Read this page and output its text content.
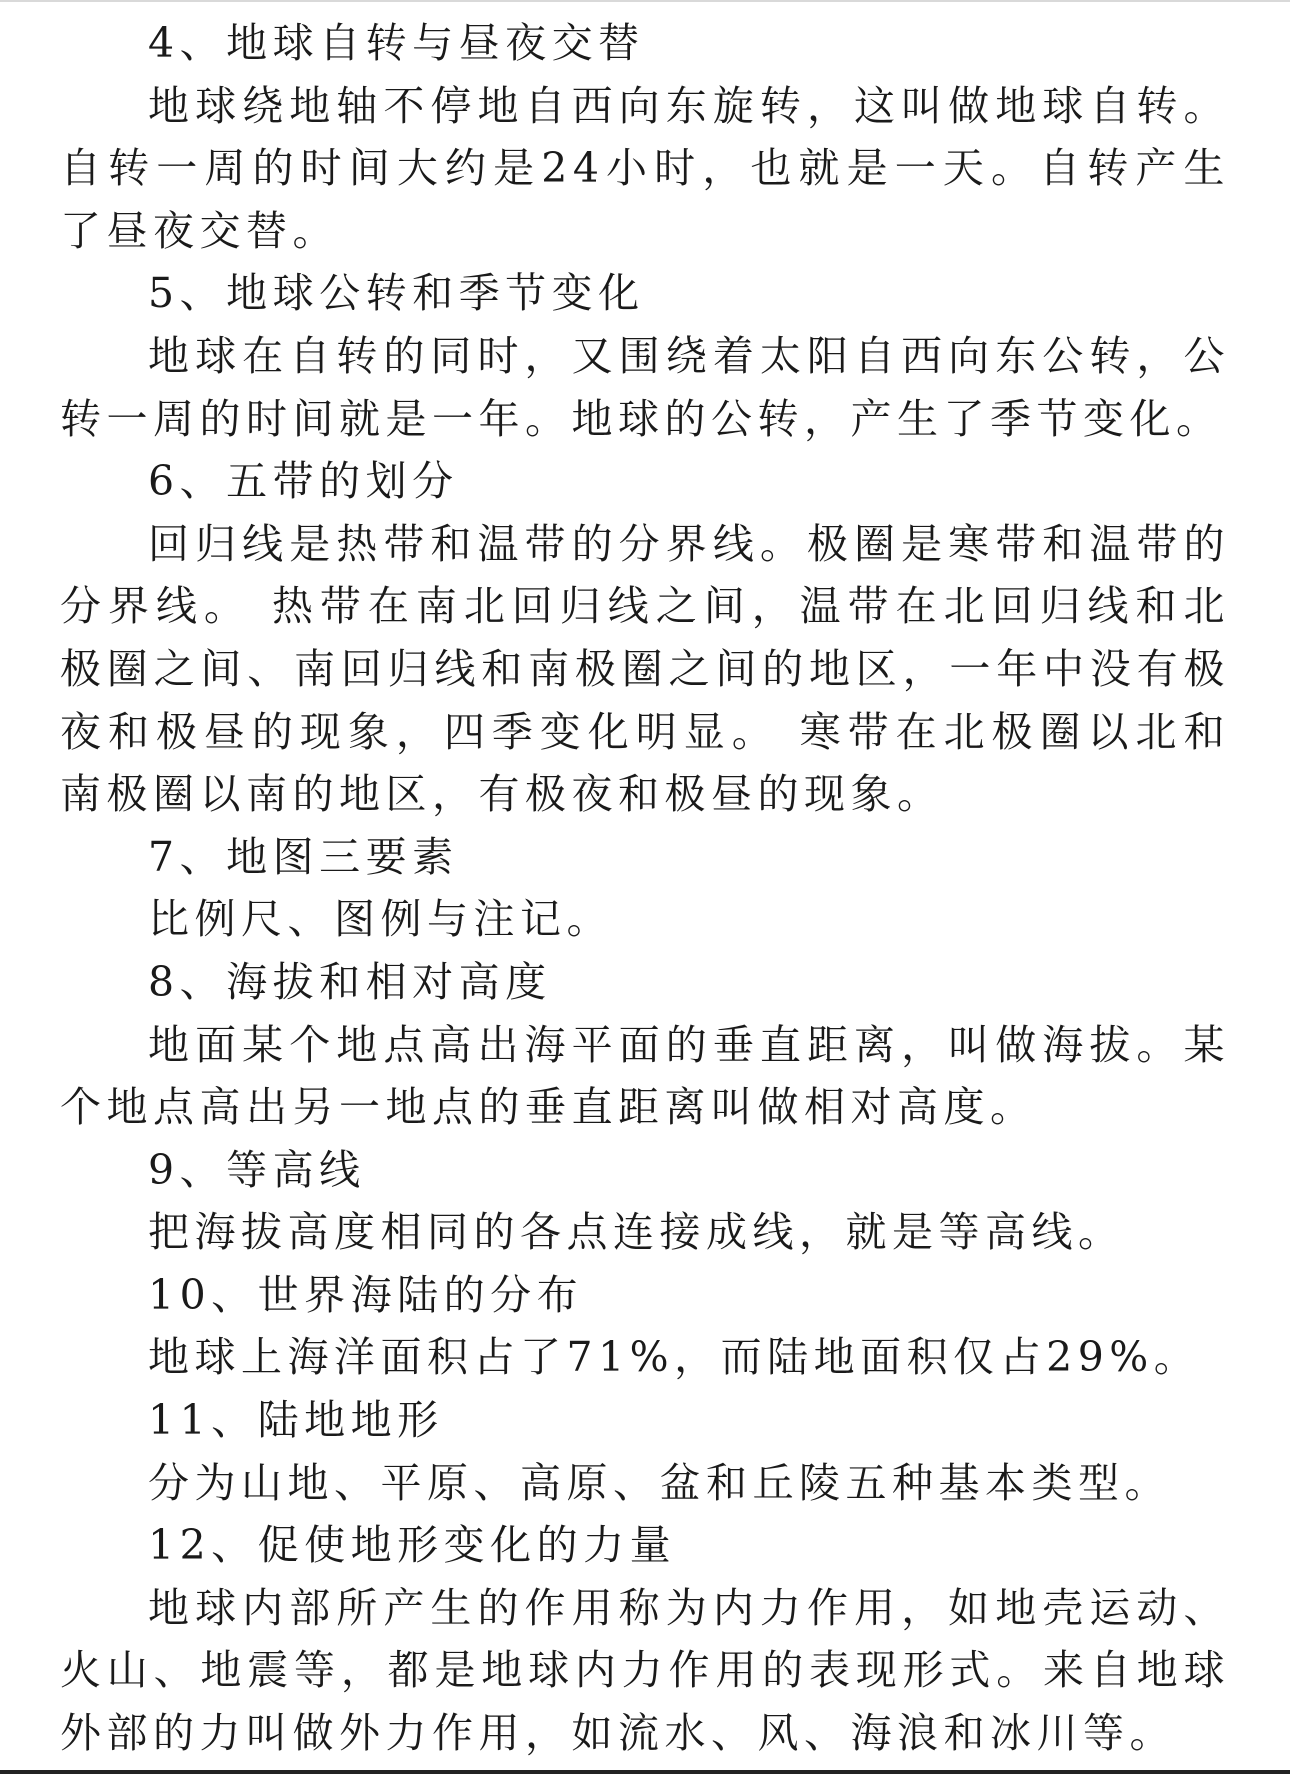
4、地球自转与昼夜交替

地球绕地轴不停地自西向东旋转，这叫做地球自转。自转一周的时间大约是24小时，也就是一天。自转产生了昼夜交替。

5、地球公转和季节变化

地球在自转的同时，又围绕着太阳自西向东公转，公转一周的时间就是一年。地球的公转，产生了季节变化。

6、五带的划分

回归线是热带和温带的分界线。极圈是寒带和温带的分界线。 热带在南北回归线之间，温带在北回归线和北极圈之间、南回归线和南极圈之间的地区，一年中没有极夜和极昼的现象，四季变化明显。 寒带在北极圈以北和南极圈以南的地区，有极夜和极昼的现象。

7、地图三要素

比例尺、图例与注记。

8、海拔和相对高度

地面某个地点高出海平面的垂直距离，叫做海拔。某个地点高出另一地点的垂直距离叫做相对高度。

9、等高线

把海拔高度相同的各点连接成线，就是等高线。

10、世界海陆的分布

地球上海洋面积占了71%，而陆地面积仅占29%。

11、陆地地形

分为山地、平原、高原、盆和丘陵五种基本类型。

12、促使地形变化的力量

地球内部所产生的作用称为内力作用，如地壳运动、火山、地震等，都是地球内力作用的表现形式。来自地球外部的力叫做外力作用，如流水、风、海浪和冰川等。
